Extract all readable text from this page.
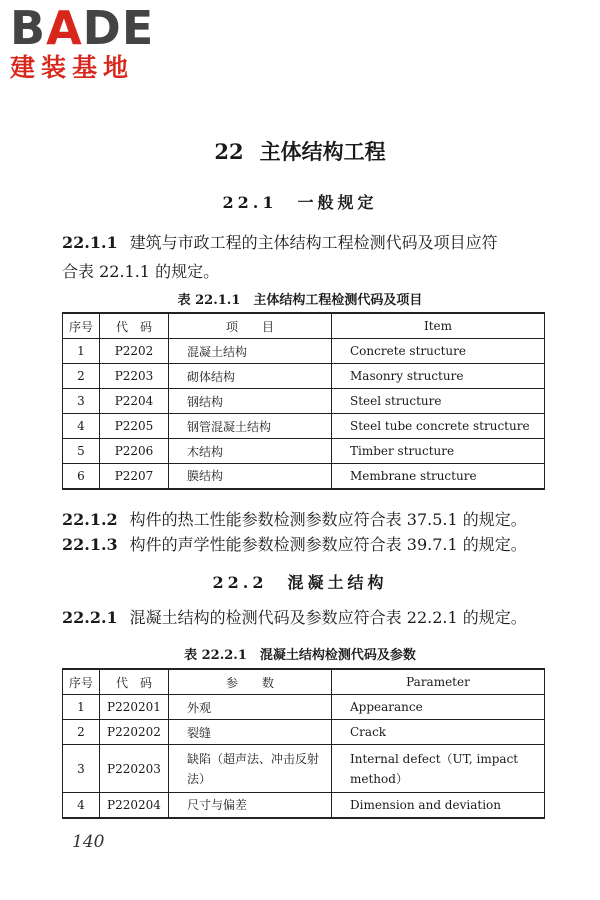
BADE
建装基地
22 主体结构工程
22.1　一般规定
22.1.1 建筑与市政工程的主体结构工程检测代码及项目应符
合表 22.1.1 的规定。
表 22.1.1　主体结构工程检测代码及项目
序号	代　码	项　　目	Item
1	P2202	混凝土结构	Concrete structure
2	P2203	砌体结构	Masonry structure
3	P2204	钢结构	Steel structure
4	P2205	钢管混凝土结构	Steel tube concrete structure
5	P2206	木结构	Timber structure
6	P2207	膜结构	Membrane structure
22.1.2 构件的热工性能参数检测参数应符合表 37.5.1 的规定。
22.1.3 构件的声学性能参数检测参数应符合表 39.7.1 的规定。
22.2　混凝土结构
22.2.1 混凝土结构的检测代码及参数应符合表 22.2.1 的规定。
表 22.2.1　混凝土结构检测代码及参数
序号	代　码	参　　数	Parameter
1	P220201	外观	Appearance
2	P220202	裂缝	Crack
3	P220203	缺陷（超声法、冲击反射法）	Internal defect（UT, impact method）
4	P220204	尺寸与偏差	Dimension and deviation
140
